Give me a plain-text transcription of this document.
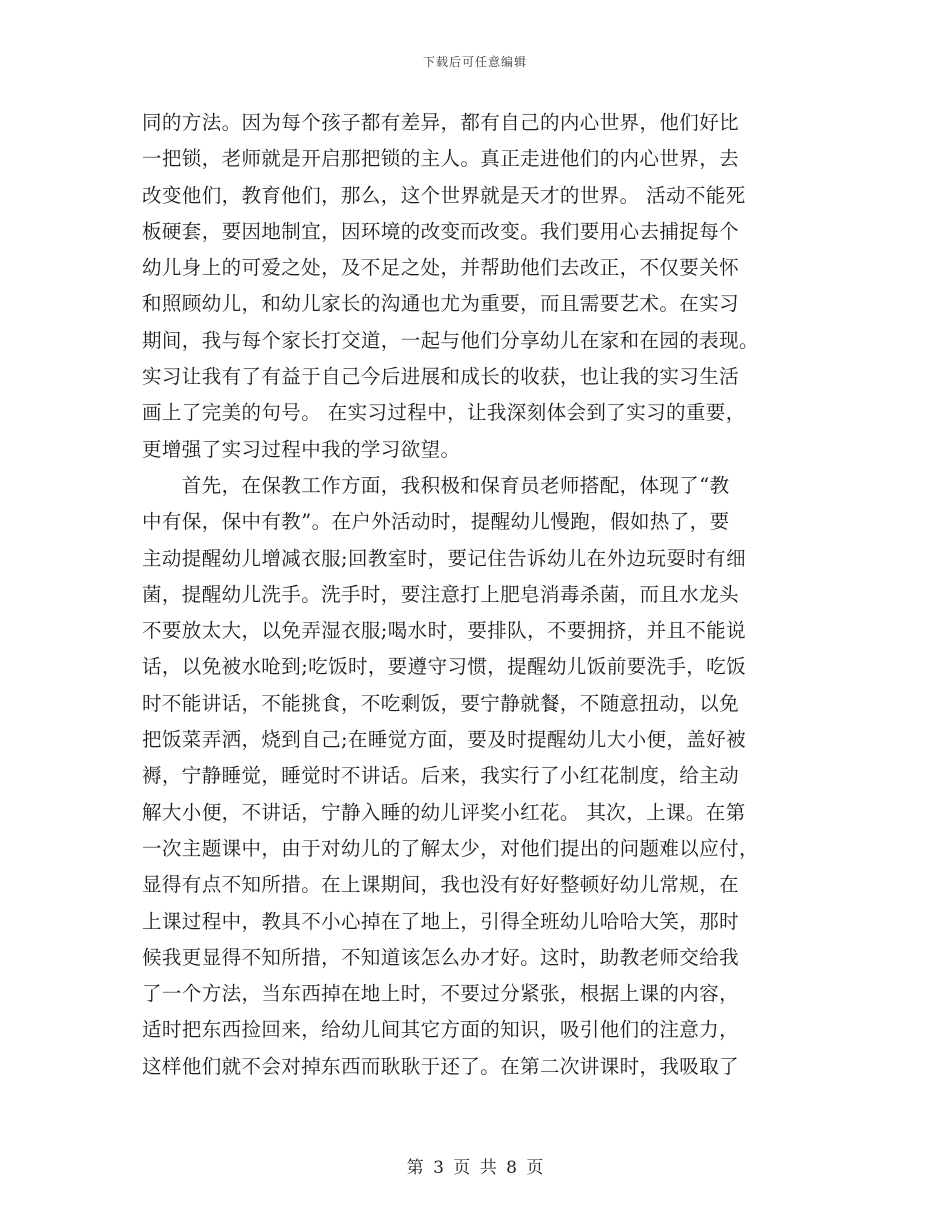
下载后可任意编辑
同的方法。因为每个孩子都有差异，都有自己的内心世界，他们好比
一把锁，老师就是开启那把锁的主人。真正走进他们的内心世界，去
改变他们，教育他们，那么，这个世界就是天才的世界。 活动不能死
板硬套，要因地制宜，因环境的改变而改变。我们要用心去捕捉每个
幼儿身上的可爱之处，及不足之处，并帮助他们去改正，不仅要关怀
和照顾幼儿，和幼儿家长的沟通也尤为重要，而且需要艺术。在实习
期间，我与每个家长打交道，一起与他们分享幼儿在家和在园的表现。
实习让我有了有益于自己今后进展和成长的收获，也让我的实习生活
画上了完美的句号。 在实习过程中，让我深刻体会到了实习的重要，
更增强了实习过程中我的学习欲望。
　　首先，在保教工作方面，我积极和保育员老师搭配，体现了“教
中有保，保中有教”。在户外活动时，提醒幼儿慢跑，假如热了，要
主动提醒幼儿增减衣服;回教室时，要记住告诉幼儿在外边玩耍时有细
菌，提醒幼儿洗手。洗手时，要注意打上肥皂消毒杀菌，而且水龙头
不要放太大，以免弄湿衣服;喝水时，要排队，不要拥挤，并且不能说
话，以免被水呛到;吃饭时，要遵守习惯，提醒幼儿饭前要洗手，吃饭
时不能讲话，不能挑食，不吃剩饭，要宁静就餐，不随意扭动，以免
把饭菜弄洒，烧到自己;在睡觉方面，要及时提醒幼儿大小便，盖好被
褥，宁静睡觉，睡觉时不讲话。后来，我实行了小红花制度，给主动
解大小便，不讲话，宁静入睡的幼儿评奖小红花。 其次，上课。在第
一次主题课中，由于对幼儿的了解太少，对他们提出的问题难以应付，
显得有点不知所措。在上课期间，我也没有好好整顿好幼儿常规，在
上课过程中，教具不小心掉在了地上，引得全班幼儿哈哈大笑，那时
候我更显得不知所措，不知道该怎么办才好。这时，助教老师交给我
了一个方法，当东西掉在地上时，不要过分紧张，根据上课的内容，
适时把东西捡回来，给幼儿间其它方面的知识，吸引他们的注意力，
这样他们就不会对掉东西而耿耿于还了。在第二次讲课时，我吸取了
第 3 页 共 8 页
